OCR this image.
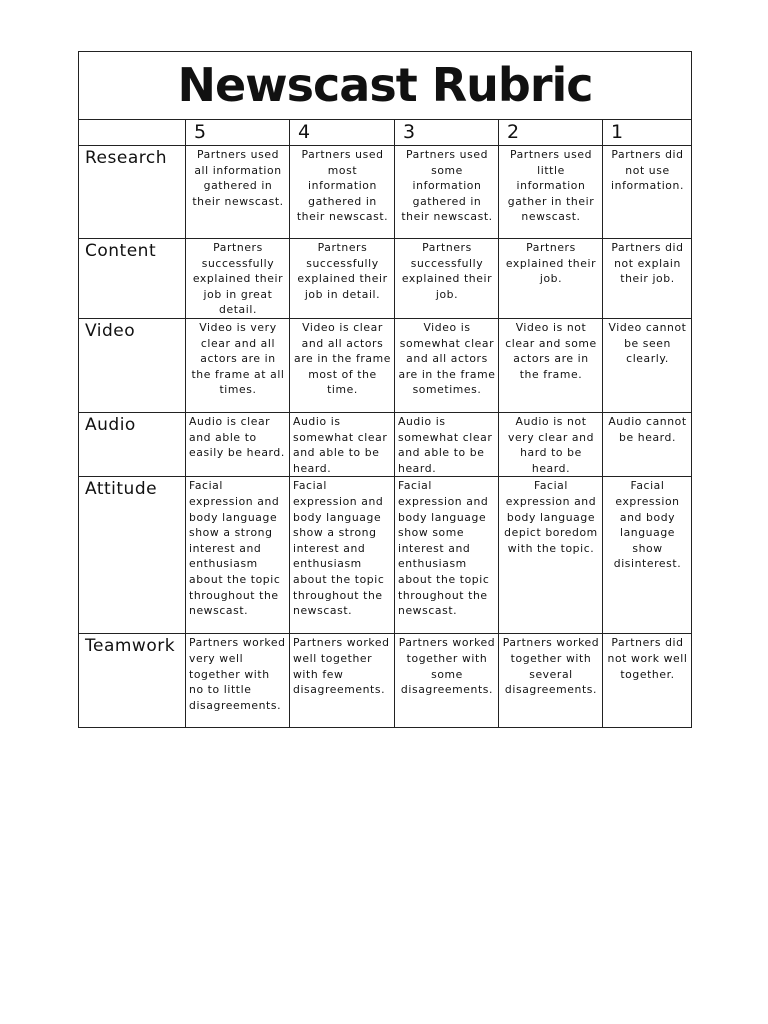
Newscast Rubric					
	5	4	3	2	1
Research	Partners used all information gathered in their newscast.	Partners used most information gathered in their newscast.	Partners used some information gathered in their newscast.	Partners used little information gather in their newscast.	Partners did not use information.
Content	Partners successfully explained their job in great detail.	Partners successfully explained their job in detail.	Partners successfully explained their job.	Partners explained their job.	Partners did not explain their job.
Video	Video is very clear and all actors are in the frame at all times.	Video is clear and all actors are in the frame most of the time.	Video is somewhat clear and all actors are in the frame sometimes.	Video is not clear and some actors are in the frame.	Video cannot be seen clearly.
Audio	Audio is clear and able to easily be heard.	Audio is somewhat clear and able to be heard.	Audio is somewhat clear and able to be heard.	Audio is not very clear and hard to be heard.	Audio cannot be heard.
Attitude	Facial expression and body language show a strong interest and enthusiasm about the topic throughout the newscast.	Facial expression and body language show a strong interest and enthusiasm about the topic throughout the newscast.	Facial expression and body language show some interest and enthusiasm about the topic throughout the newscast.	Facial expression and body language depict boredom with the topic.	Facial expression and body language show disinterest.
Teamwork	Partners worked very well together with no to little disagreements.	Partners worked well together with few disagreements.	Partners worked together with some disagreements.	Partners worked together with several disagreements.	Partners did not work well together.
